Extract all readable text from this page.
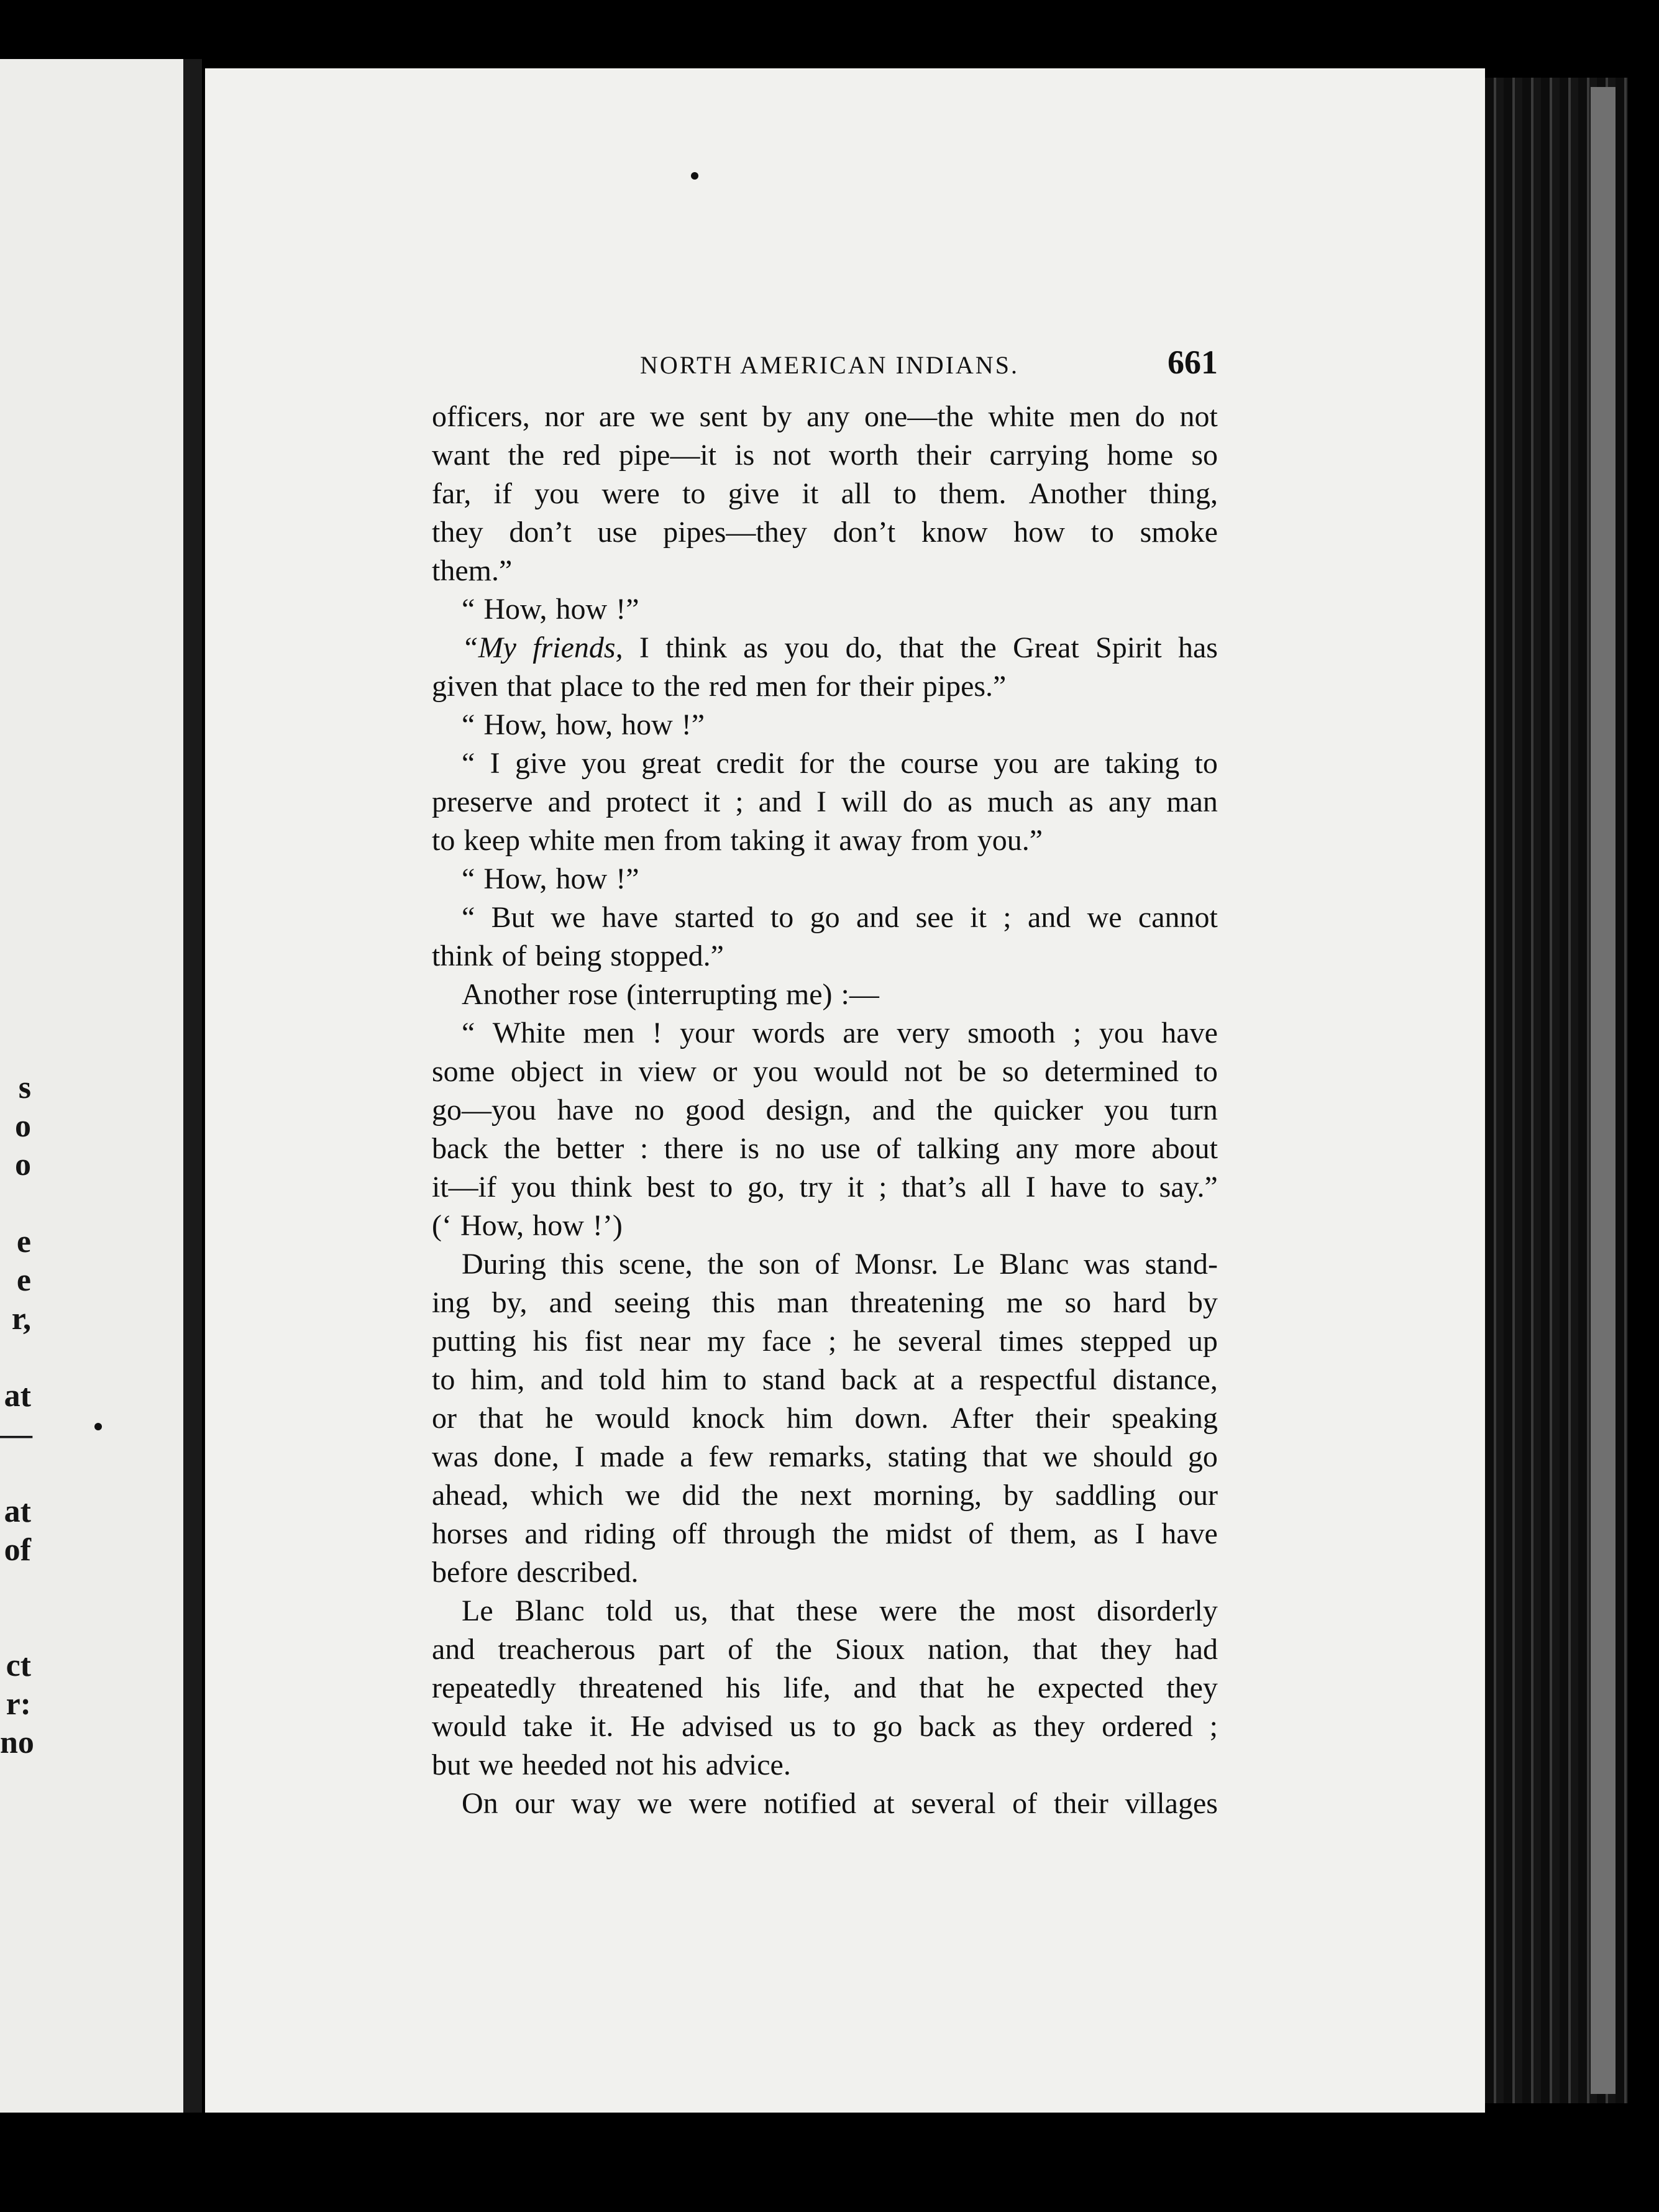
s
o
o
e
e
r,
at
—
at
of
ct
r:
no
NORTH AMERICAN INDIANS.	661
officers, nor are we sent by any one—the white men do not
want the red pipe—it is not worth their carrying home so
far, if you were to give it all to them. Another thing,
they don’t use pipes—they don’t know how to smoke
them.”
“ How, how !”
“My friends, I think as you do, that the Great Spirit has
given that place to the red men for their pipes.”
“ How, how, how !”
“ I give you great credit for the course you are taking to
preserve and protect it ; and I will do as much as any man
to keep white men from taking it away from you.”
“ How, how !”
“ But we have started to go and see it ; and we cannot
think of being stopped.”
Another rose (interrupting me) :—
“ White men ! your words are very smooth ; you have
some object in view or you would not be so determined to
go—you have no good design, and the quicker you turn
back the better : there is no use of talking any more about
it—if you think best to go, try it ; that’s all I have to say.”
(‘ How, how !’)
During this scene, the son of Monsr. Le Blanc was stand-
ing by, and seeing this man threatening me so hard by
putting his fist near my face ; he several times stepped up
to him, and told him to stand back at a respectful distance,
or that he would knock him down. After their speaking
was done, I made a few remarks, stating that we should go
ahead, which we did the next morning, by saddling our
horses and riding off through the midst of them, as I have
before described.
Le Blanc told us, that these were the most disorderly
and treacherous part of the Sioux nation, that they had
repeatedly threatened his life, and that he expected they
would take it. He advised us to go back as they ordered ;
but we heeded not his advice.
On our way we were notified at several of their villages
